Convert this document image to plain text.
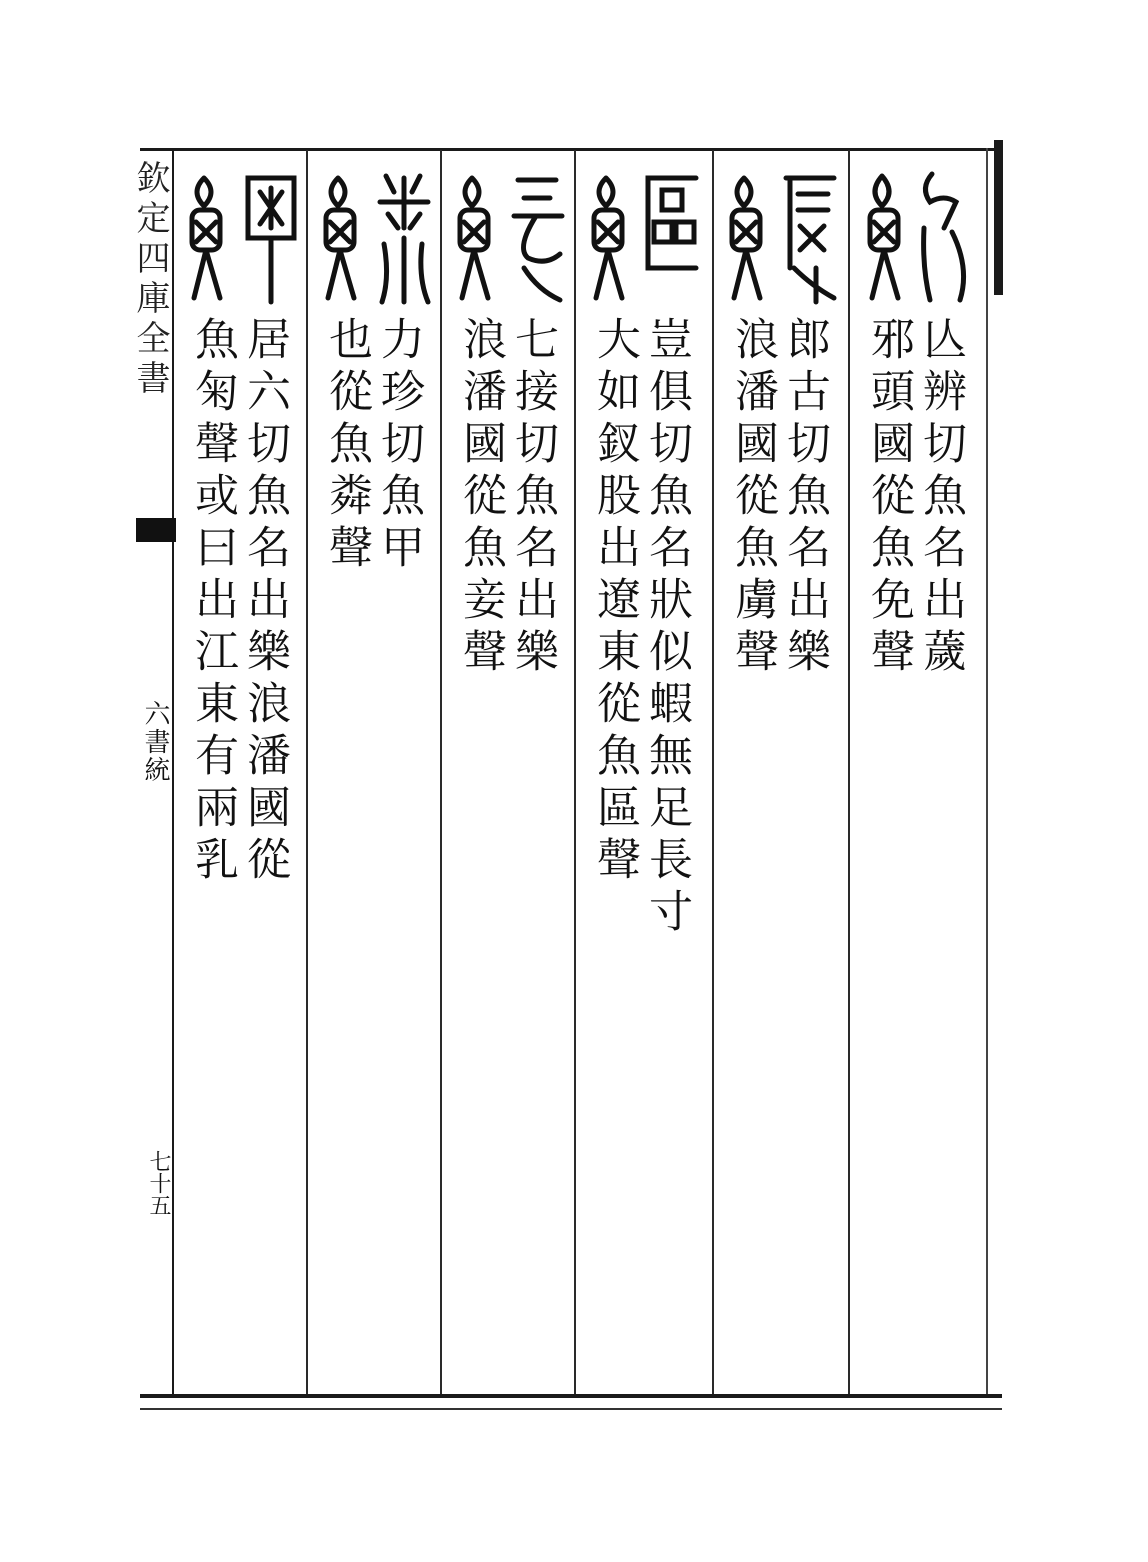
欽定四庫全書
六書統
七十五
亾辨切魚名出薉
邪頭國從魚免聲
郎古切魚名出樂
浪潘國從魚虜聲
豈俱切魚名狀似蝦無足長寸
大如釵股出遼東從魚區聲
七接切魚名出樂
浪潘國從魚妾聲
力珍切魚甲
也從魚粦聲
居六切魚名出樂浪潘國從
魚匊聲或曰出江東有兩乳
